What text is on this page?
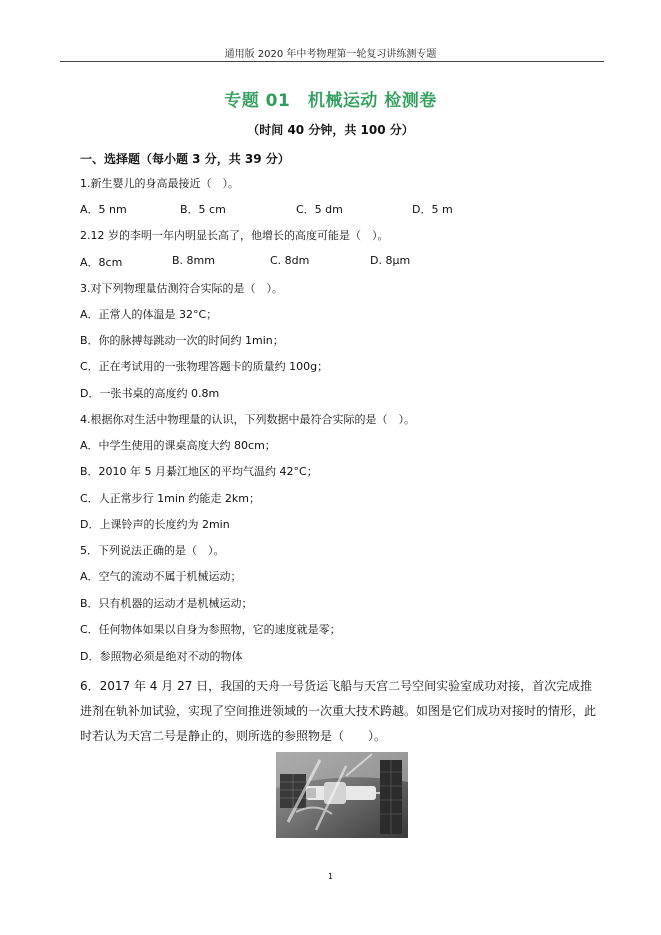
通用版 2020 年中考物理第一轮复习讲练测专题
专题 01　机械运动 检测卷
（时间 40 分钟，共 100 分）
一、选择题（每小题 3 分，共 39 分）
1.新生婴儿的身高最接近（　）。
A．5 nm	B．5 cm	C．5 dm	D．5 m
2.12 岁的李明一年内明显长高了，他增长的高度可能是（　）。
A．8cm	B. 8mm	C. 8dm	D. 8μm
3.对下列物理量估测符合实际的是（　）。
A．正常人的体温是 32°C；
B．你的脉搏每跳动一次的时间约 1min；
C．正在考试用的一张物理答题卡的质量约 100g；
D．一张书桌的高度约 0.8m
4.根据你对生活中物理量的认识，下列数据中最符合实际的是（　）。
A．中学生使用的课桌高度大约 80cm；
B．2010 年 5 月綦江地区的平均气温约 42°C；
C．人正常步行 1min 约能走 2km；
D．上课铃声的长度约为 2min
5．下列说法正确的是（　）。
A．空气的流动不属于机械运动；
B．只有机器的运动才是机械运动；
C．任何物体如果以自身为参照物，它的速度就是零；
D．参照物必须是绝对不动的物体
6．2017 年 4 月 27 日，我国的天舟一号货运飞船与天宫二号空间实验室成功对接，首次完成推进剂在轨补加试验，实现了空间推进领域的一次重大技术跨越。如图是它们成功对接时的情形，此时若认为天宫二号是静止的，则所选的参照物是（　　）。
1
